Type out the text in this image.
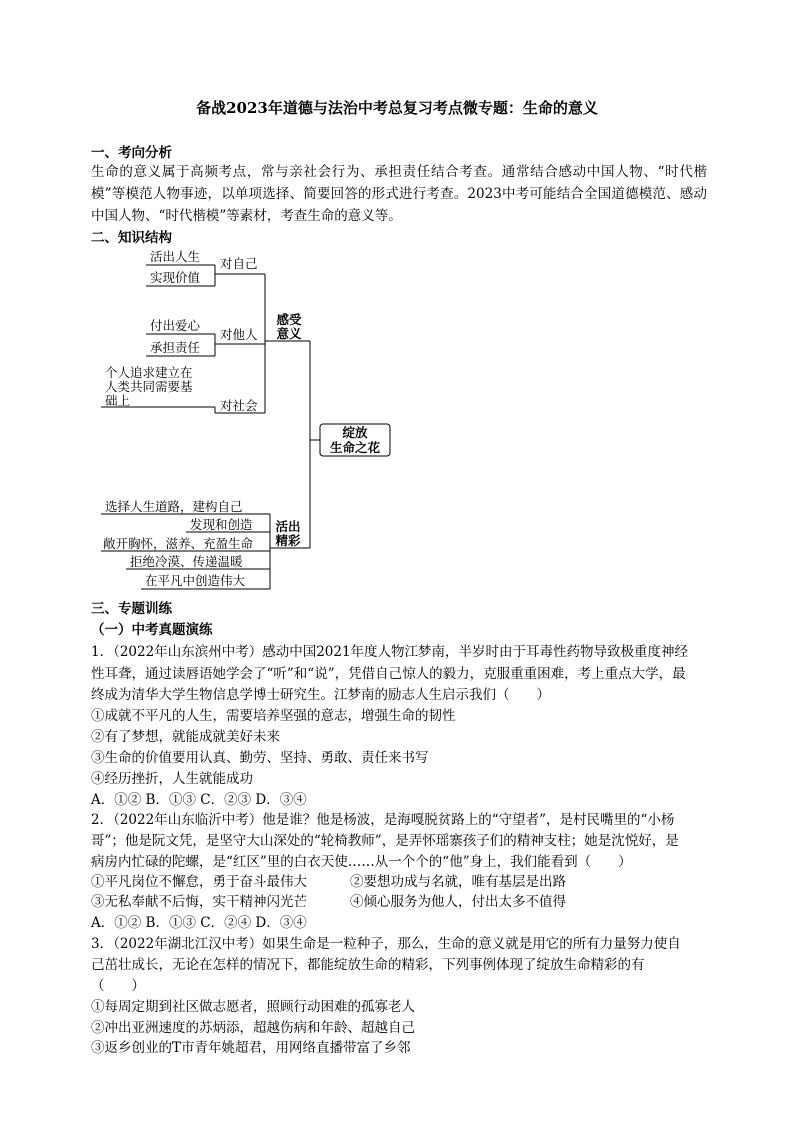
备战2023年道德与法治中考总复习考点微专题：生命的意义
一、考向分析
生命的意义属于高频考点，常与亲社会行为、承担责任结合考查。通常结合感动中国人物、“时代楷模”等模范人物事迹，以单项选择、简要回答的形式进行考查。2023中考可能结合全国道德模范、感动中国人物、“时代楷模”等素材，考查生命的意义等。
二、知识结构
绽放
生命之花
感受
意义
对自己
活出人生
实现价值
对他人
付出爱心
承担责任
对社会
个人追求建立在
人类共同需要基
础上
活出
精彩
选择人生道路，建构自己
发现和创造
敞开胸怀，滋养、充盈生命
拒绝冷漠、传递温暖
在平凡中创造伟大
三、专题训练
（一）中考真题演练
1．（2022年山东滨州中考）感动中国2021年度人物江梦南，半岁时由于耳毒性药物导致极重度神经
性耳聋，通过读唇语她学会了“听”和“说”，凭借自己惊人的毅力，克服重重困难，考上重点大学，最
终成为清华大学生物信息学博士研究生。江梦南的励志人生启示我们（　　）
①成就不平凡的人生，需要培养坚强的意志，增强生命的韧性
②有了梦想，就能成就美好未来
③生命的价值要用认真、勤劳、坚持、勇敢、责任来书写
④经历挫折，人生就能成功
A．①② B．①③ C．②③ D．③④
2．（2022年山东临沂中考）他是谁？他是杨波，是海嘎脱贫路上的“守望者”，是村民嘴里的“小杨
哥”；他是阮文凭，是坚守大山深处的“轮椅教师”，是弄怀瑶寨孩子们的精神支柱；她是沈悦好，是
病房内忙碌的陀螺，是“红区”里的白衣天使……从一个个的“他”身上，我们能看到（　　）
①平凡岗位不懈怠，勇于奋斗最伟大	②要想功成与名就，唯有基层是出路
③无私奉献不后悔，实干精神闪光芒	④倾心服务为他人，付出太多不值得
A．①② B．①③ C．②④ D．③④
3．（2022年湖北江汉中考）如果生命是一粒种子，那么，生命的意义就是用它的所有力量努力使自
己茁壮成长，无论在怎样的情况下，都能绽放生命的精彩，下列事例体现了绽放生命精彩的有
（　　）
①每周定期到社区做志愿者，照顾行动困难的孤寡老人
②冲出亚洲速度的苏炳添，超越伤病和年龄、超越自己
③返乡创业的T市青年姚超君，用网络直播带富了乡邻
